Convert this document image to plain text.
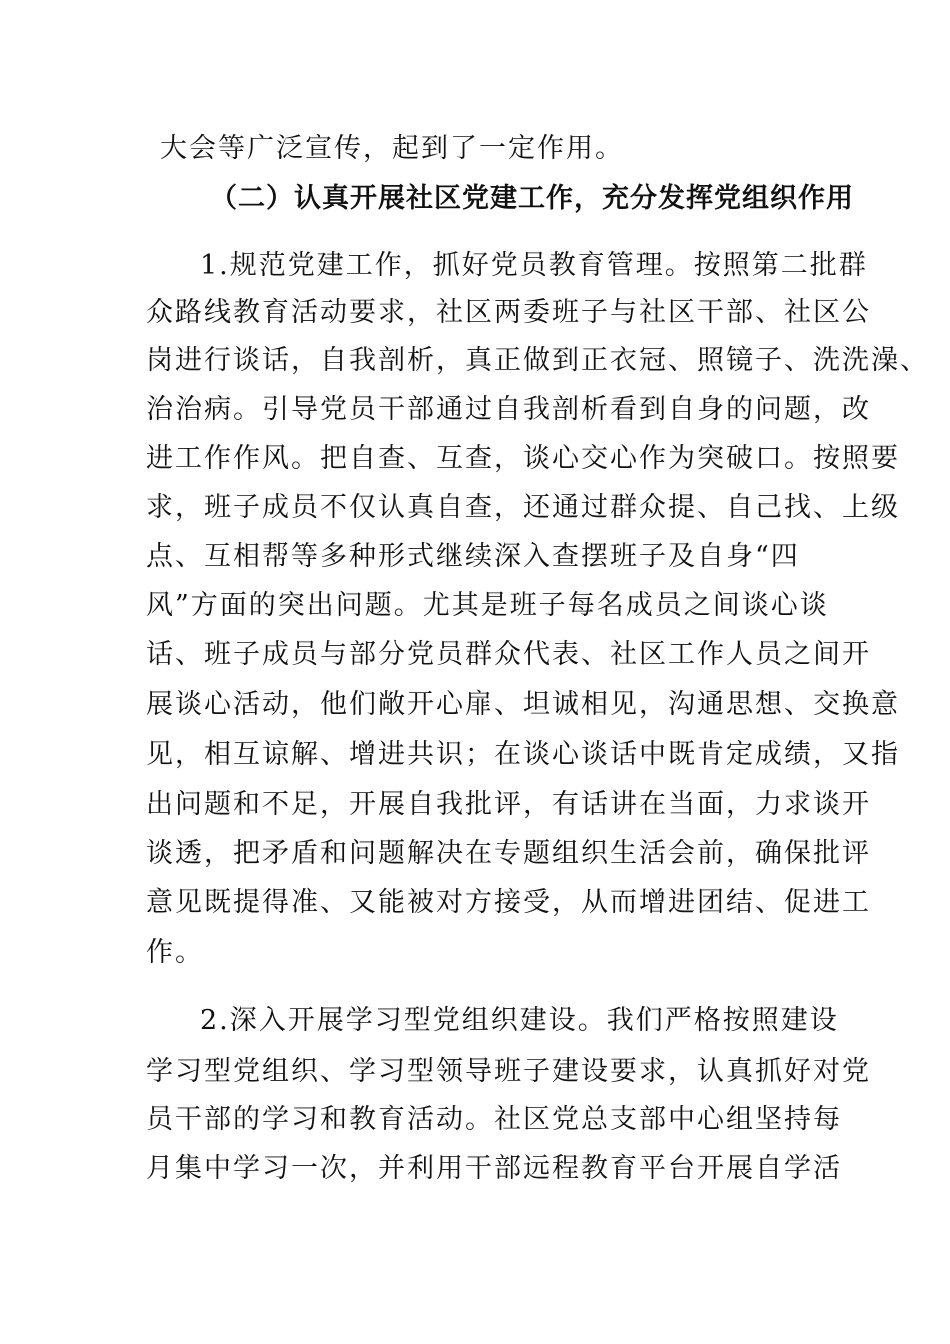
大会等广泛宣传，起到了一定作用。
（二）认真开展社区党建工作，充分发挥党组织作用
1.规范党建工作，抓好党员教育管理。按照第二批群
众路线教育活动要求，社区两委班子与社区干部、社区公
岗进行谈话，自我剖析，真正做到正衣冠、照镜子、洗洗澡、
治治病。引导党员干部通过自我剖析看到自身的问题，改
进工作作风。把自查、互查，谈心交心作为突破口。按照要
求，班子成员不仅认真自查，还通过群众提、自己找、上级
点、互相帮等多种形式继续深入查摆班子及自身“四
风”方面的突出问题。尤其是班子每名成员之间谈心谈
话、班子成员与部分党员群众代表、社区工作人员之间开
展谈心活动，他们敞开心扉、坦诚相见，沟通思想、交换意
见，相互谅解、增进共识；在谈心谈话中既肯定成绩，又指
出问题和不足，开展自我批评，有话讲在当面，力求谈开
谈透，把矛盾和问题解决在专题组织生活会前，确保批评
意见既提得准、又能被对方接受，从而增进团结、促进工
作。
2.深入开展学习型党组织建设。我们严格按照建设
学习型党组织、学习型领导班子建设要求，认真抓好对党
员干部的学习和教育活动。社区党总支部中心组坚持每
月集中学习一次，并利用干部远程教育平台开展自学活
